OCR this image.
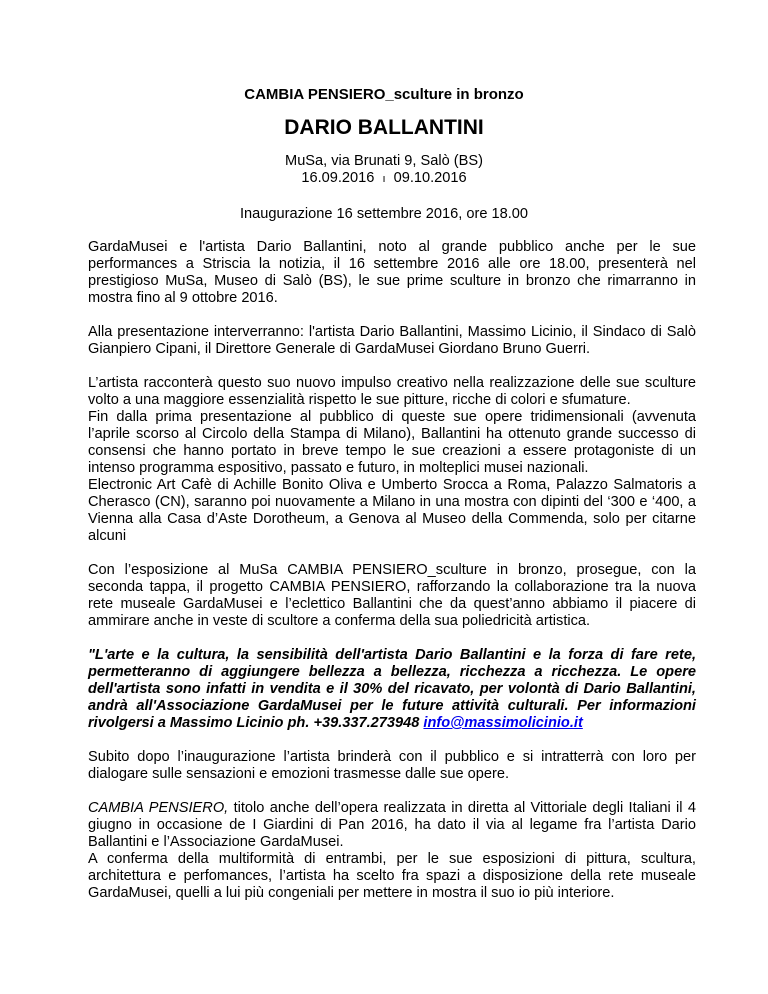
CAMBIA PENSIERO_sculture in bronzo
DARIO BALLANTINI
MuSa, via Brunati 9, Salò (BS)
16.09.2016 ı 09.10.2016
Inaugurazione 16 settembre 2016, ore 18.00

GardaMusei e l'artista Dario Ballantini, noto al grande pubblico anche per le sue performances a Striscia la notizia, il 16 settembre 2016 alle ore 18.00, presenterà nel prestigioso MuSa, Museo di Salò (BS), le sue prime sculture in bronzo che rimarranno in mostra fino al 9 ottobre 2016.

Alla presentazione interverranno: l'artista Dario Ballantini, Massimo Licinio, il Sindaco di Salò Gianpiero Cipani, il Direttore Generale di GardaMusei Giordano Bruno Guerri.

L’artista racconterà questo suo nuovo impulso creativo nella realizzazione delle sue sculture volto a una maggiore essenzialità rispetto le sue pitture, ricche di colori e sfumature.

Fin dalla prima presentazione al pubblico di queste sue opere tridimensionali (avvenuta l’aprile scorso al Circolo della Stampa di Milano), Ballantini ha ottenuto grande successo di consensi che hanno portato in breve tempo le sue creazioni a essere protagoniste di un intenso programma espositivo, passato e futuro, in molteplici musei nazionali.

Electronic Art Cafè di Achille Bonito Oliva e Umberto Srocca a Roma, Palazzo Salmatoris a Cherasco (CN), saranno poi nuovamente a Milano in una mostra con dipinti del ‘300 e ‘400, a Vienna alla Casa d’Aste Dorotheum, a Genova al Museo della Commenda, solo per citarne alcuni

Con l’esposizione al MuSa CAMBIA PENSIERO_sculture in bronzo, prosegue, con la seconda tappa, il progetto CAMBIA PENSIERO, rafforzando la collaborazione tra la nuova rete museale GardaMusei e l’eclettico Ballantini che da quest’anno abbiamo il piacere di ammirare anche in veste di scultore a conferma della sua poliedricità artistica.

"L'arte e la cultura, la sensibilità dell'artista Dario Ballantini e la forza di fare rete, permetteranno di aggiungere bellezza a bellezza, ricchezza a ricchezza. Le opere dell'artista sono infatti in vendita e il 30% del ricavato, per volontà di Dario Ballantini, andrà all'Associazione GardaMusei per le future attività culturali. Per informazioni rivolgersi a Massimo Licinio ph. +39.337.273948 info@massimolicinio.it

Subito dopo l’inaugurazione l’artista brinderà con il pubblico e si intratterrà con loro per dialogare sulle sensazioni e emozioni trasmesse dalle sue opere.

CAMBIA PENSIERO, titolo anche dell’opera realizzata in diretta al Vittoriale degli Italiani il 4 giugno in occasione de I Giardini di Pan 2016, ha dato il via al legame fra l’artista Dario Ballantini e l’Associazione GardaMusei.

A conferma della multiformità di entrambi, per le sue esposizioni di pittura, scultura, architettura e perfomances, l’artista ha scelto fra spazi a disposizione della rete museale GardaMusei, quelli a lui più congeniali per mettere in mostra il suo io più interiore.
